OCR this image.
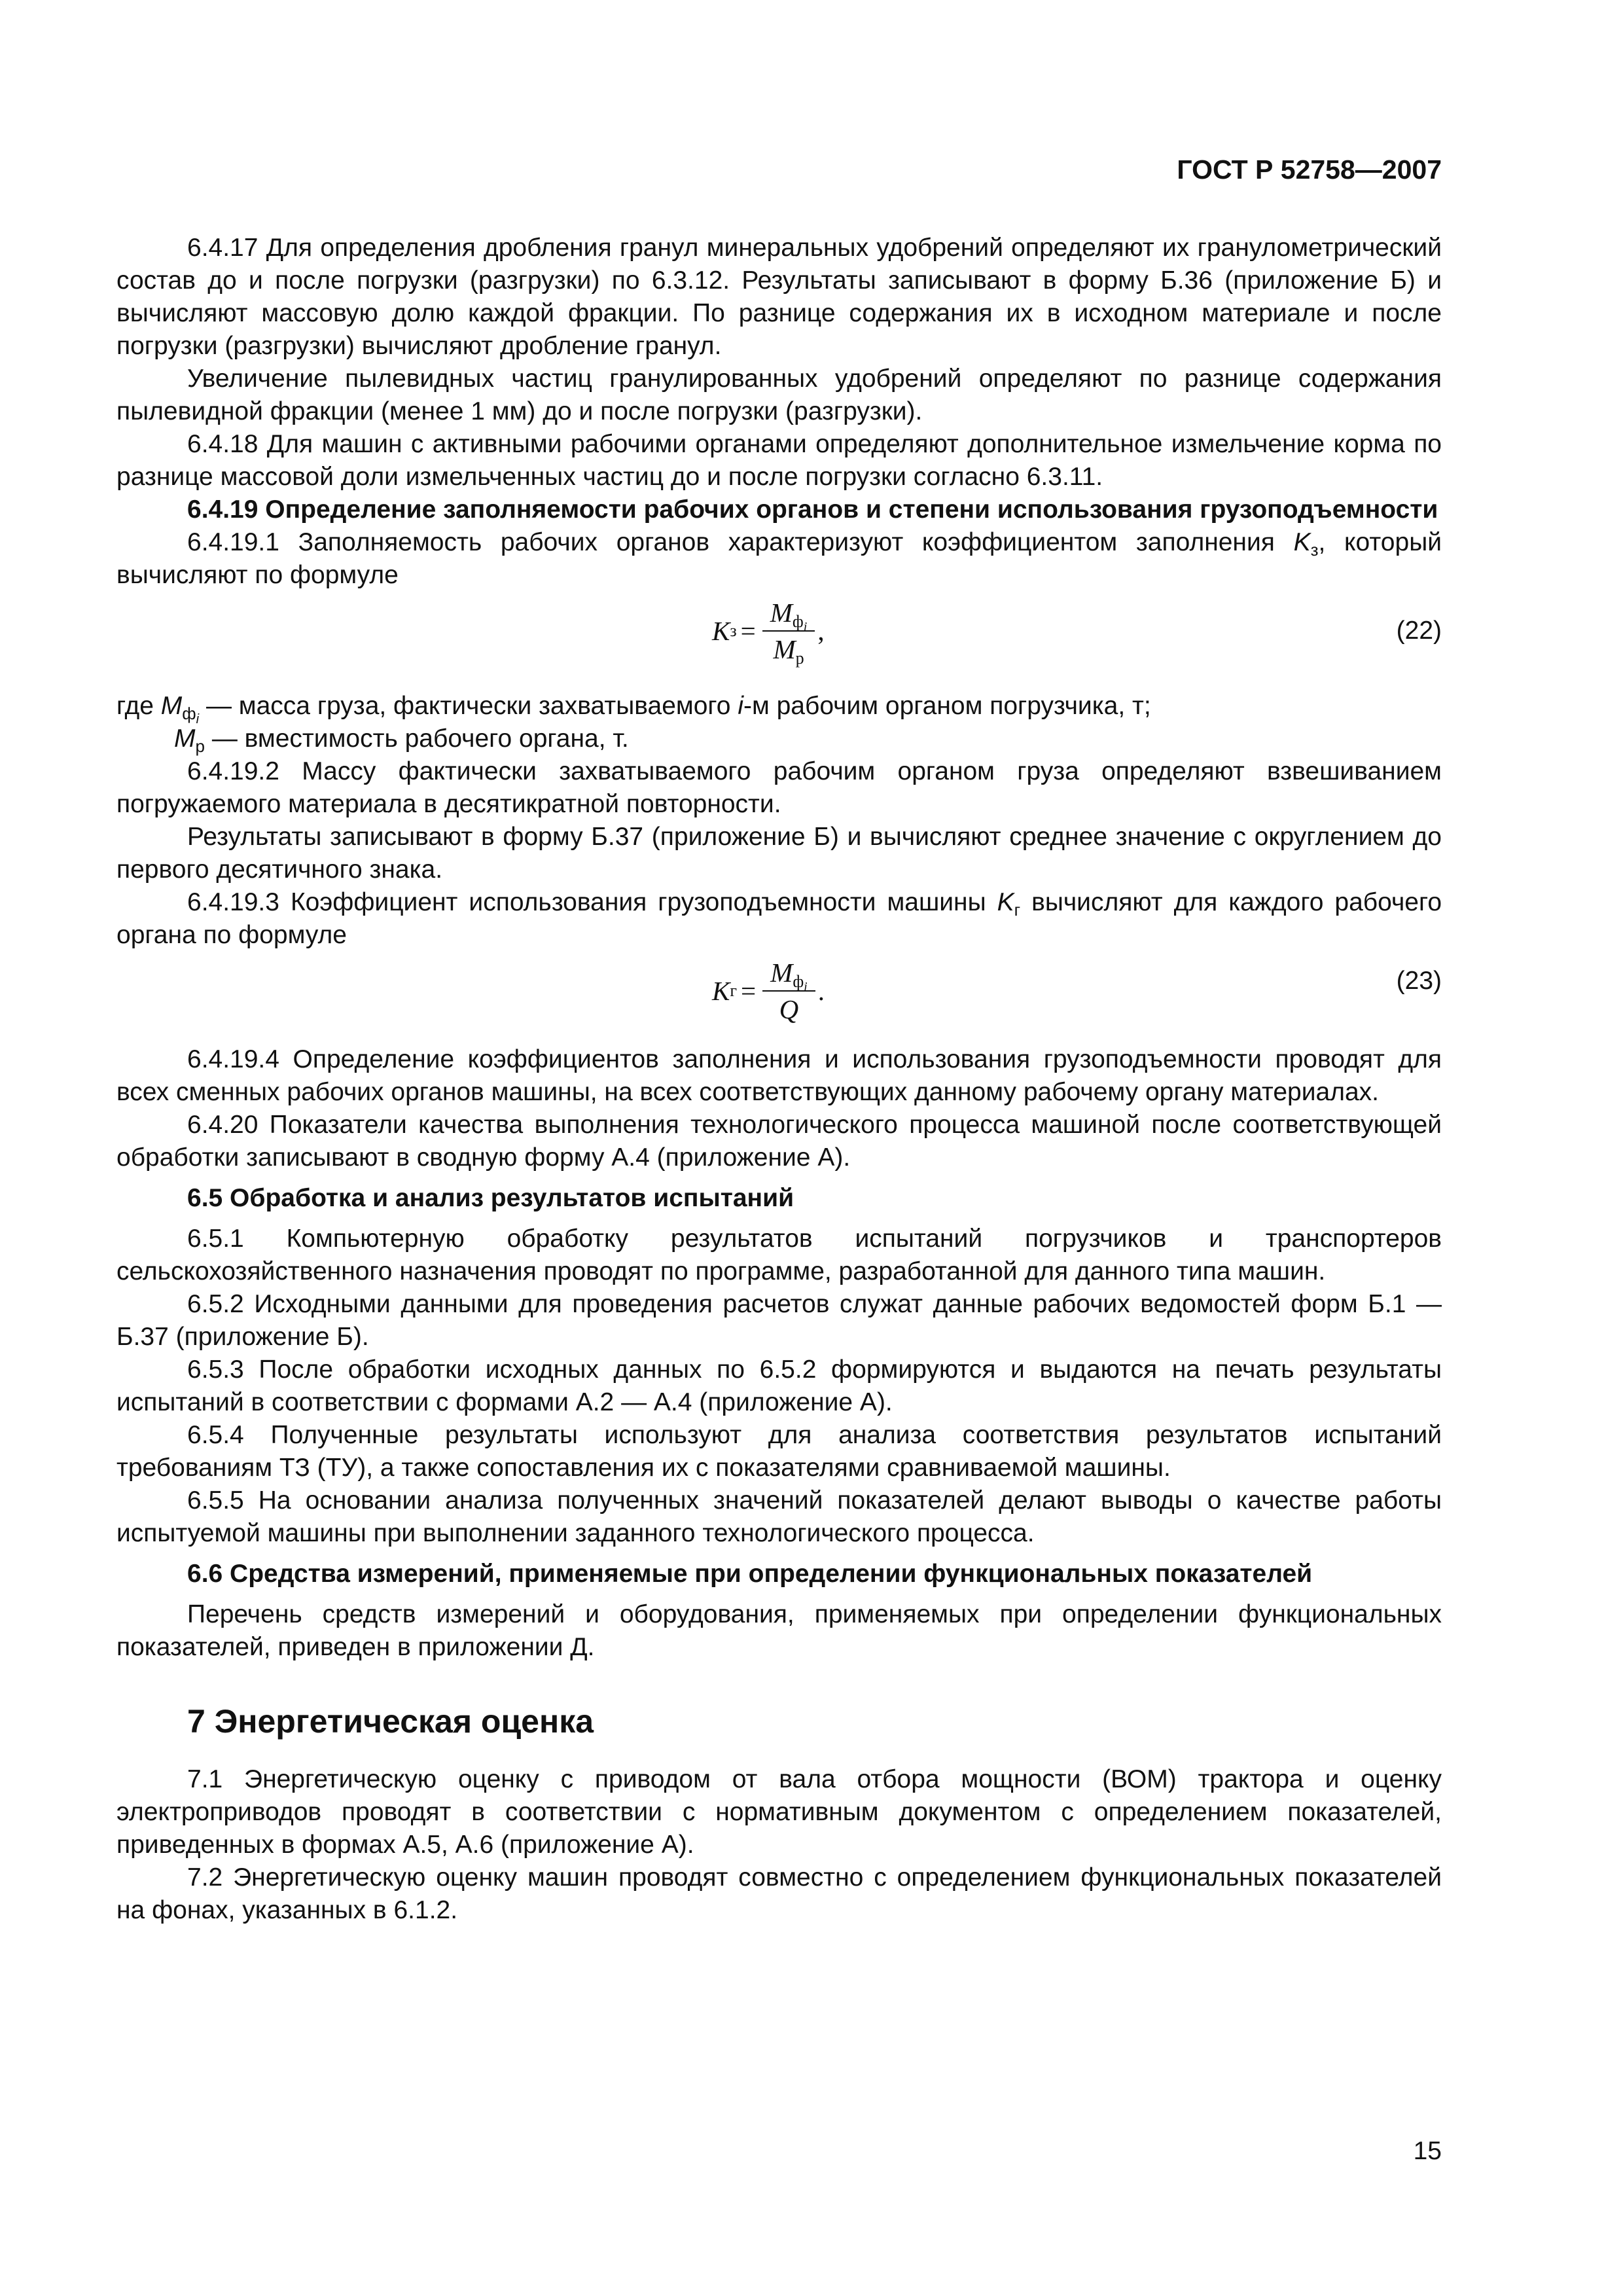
ГОСТ Р 52758—2007

6.4.17 Для определения дробления гранул минеральных удобрений определяют их гранулометрический состав до и после погрузки (разгрузки) по 6.3.12. Результаты записывают в форму Б.36 (приложение Б) и вычисляют массовую долю каждой фракции. По разнице содержания их в исходном материале и после погрузки (разгрузки) вычисляют дробление гранул.

Увеличение пылевидных частиц гранулированных удобрений определяют по разнице содержания пылевидной фракции (менее 1 мм) до и после погрузки (разгрузки).

6.4.18 Для машин с активными рабочими органами определяют дополнительное измельчение корма по разнице массовой доли измельченных частиц до и после погрузки согласно 6.3.11.

6.4.19 Определение заполняемости рабочих органов и степени использования грузоподъемности

6.4.19.1 Заполняемость рабочих органов характеризуют коэффициентом заполнения $K_з$, который вычисляют по формуле

K $з = \frac{M_{ф_i}}{M_р}$ ,	(22)

где $M_{ф_i}$ — масса груза, фактически захватываемого i-м рабочим органом погрузчика, т;

$M_р$ — вместимость рабочего органа, т.

6.4.19.2 Массу фактически захватываемого рабочим органом груза определяют взвешиванием погружаемого материала в десятикратной повторности.

Результаты записывают в форму Б.37 (приложение Б) и вычисляют среднее значение с округлением до первого десятичного знака.

6.4.19.3 Коэффициент использования грузоподъемности машины $K_г$ вычисляют для каждого рабочего органа по формуле

K $г = \frac{M_{ф_i}}{Q}$ .	(23)

6.4.19.4 Определение коэффициентов заполнения и использования грузоподъемности проводят для всех сменных рабочих органов машины, на всех соответствующих данному рабочему органу материалах.

6.4.20 Показатели качества выполнения технологического процесса машиной после соответствующей обработки записывают в сводную форму А.4 (приложение А).

6.5 Обработка и анализ результатов испытаний

6.5.1 Компьютерную обработку результатов испытаний погрузчиков и транспортеров сельскохозяйственного назначения проводят по программе, разработанной для данного типа машин.

6.5.2 Исходными данными для проведения расчетов служат данные рабочих ведомостей форм Б.1 — Б.37 (приложение Б).

6.5.3 После обработки исходных данных по 6.5.2 формируются и выдаются на печать результаты испытаний в соответствии с формами А.2 — А.4 (приложение А).

6.5.4 Полученные результаты используют для анализа соответствия результатов испытаний требованиям ТЗ (ТУ), а также сопоставления их с показателями сравниваемой машины.

6.5.5 На основании анализа полученных значений показателей делают выводы о качестве работы испытуемой машины при выполнении заданного технологического процесса.

6.6 Средства измерений, применяемые при определении функциональных показателей

Перечень средств измерений и оборудования, применяемых при определении функциональных показателей, приведен в приложении Д.

7 Энергетическая оценка

7.1 Энергетическую оценку с приводом от вала отбора мощности (ВОМ) трактора и оценку электроприводов проводят в соответствии с нормативным документом с определением показателей, приведенных в формах А.5, А.6 (приложение А).

7.2 Энергетическую оценку машин проводят совместно с определением функциональных показателей на фонах, указанных в 6.1.2.

15
